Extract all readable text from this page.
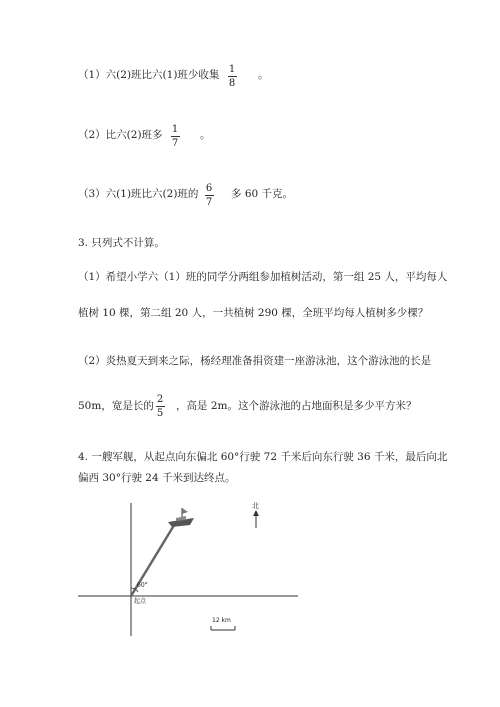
（1）六(2)班比六(1)班少收集 1
8
。
（2）比六(2)班多 1
7
。
（3）六(1)班比六(2)班的 6
7
多 60 千克。
3. 只列式不计算。
（1）希望小学六（1）班的同学分两组参加植树活动，第一组 25 人，平均每人
植树 10 棵，第二组 20 人，一共植树 290 棵，全班平均每人植树多少棵？
（2）炎热夏天到来之际，杨经理准备捐资建一座游泳池，这个游泳池的长是
50m，宽是长的
2
5
，高是 2m。这个游泳池的占地面积是多少平方米？
4. 一艘军舰，从起点向东偏北 60°行驶 72 千米后向东行驶 36 千米，最后向北
偏西 30°行驶 24 千米到达终点。
北
60°
起点
12 km
